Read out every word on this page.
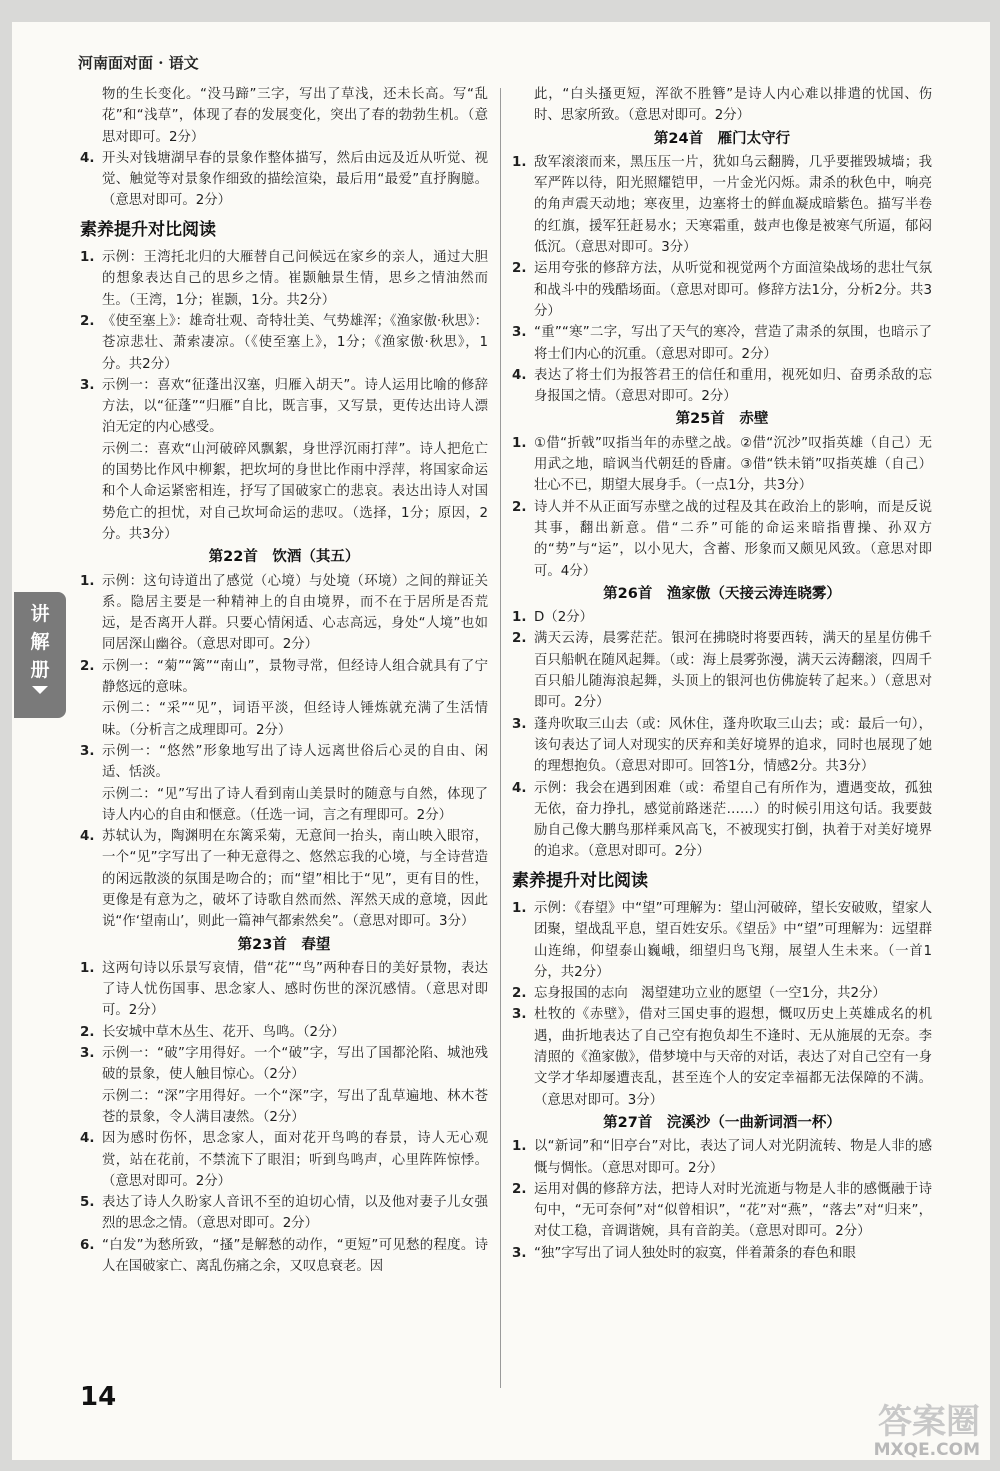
河南面对面 · 语文
讲
解
册

物的生长变化。“没马蹄”三字，写出了草浅，还未长高。写“乱花”和“浅草”，体现了春的发展变化，突出了春的勃勃生机。（意思对即可。2分）

4. 开头对钱塘湖早春的景象作整体描写，然后由远及近从听觉、视觉、触觉等对景象作细致的描绘渲染，最后用“最爱”直抒胸臆。（意思对即可。2分）
素养提升对比阅读
1. 示例：王湾托北归的大雁替自己问候远在家乡的亲人，通过大胆的想象表达自己的思乡之情。崔颢触景生情，思乡之情油然而生。（王湾，1分；崔颢，1分。共2分）
2. 《使至塞上》：雄奇壮观、奇特壮美、气势雄浑；《渔家傲·秋思》：苍凉悲壮、萧索凄凉。（《使至塞上》，1分；《渔家傲·秋思》，1分。共2分）
3. 示例一：喜欢“征蓬出汉塞，归雁入胡天”。诗人运用比喻的修辞方法，以“征蓬”“归雁”自比，既言事，又写景，更传达出诗人漂泊无定的内心感受。

示例二：喜欢“山河破碎风飘絮，身世浮沉雨打萍”。诗人把危亡的国势比作风中柳絮，把坎坷的身世比作雨中浮萍，将国家命运和个人命运紧密相连，抒写了国破家亡的悲哀。表达出诗人对国势危亡的担忧，对自己坎坷命运的悲叹。（选择，1分；原因，2分。共3分）

第22首　饮酒（其五）
1. 示例：这句诗道出了感觉（心境）与处境（环境）之间的辩证关系。隐居主要是一种精神上的自由境界，而不在于居所是否荒远，是否离开人群。只要心情闲适、心志高远，身处“人境”也如同居深山幽谷。（意思对即可。2分）
2. 示例一：“菊”“篱”“南山”，景物寻常，但经诗人组合就具有了宁静悠远的意味。

示例二：“采”“见”，词语平淡，但经诗人锤炼就充满了生活情味。（分析言之成理即可。2分）

3. 示例一：“悠然”形象地写出了诗人远离世俗后心灵的自由、闲适、恬淡。

示例二：“见”写出了诗人看到南山美景时的随意与自然，体现了诗人内心的自由和惬意。（任选一词，言之有理即可。2分）

4. 苏轼认为，陶渊明在东篱采菊，无意间一抬头，南山映入眼帘，一个“见”字写出了一种无意得之、悠然忘我的心境，与全诗营造的闲远散淡的氛围是吻合的；而“望”相比于“见”，更有目的性，更像是有意为之，破坏了诗歌自然而然、浑然天成的意境，因此说“作‘望南山’，则此一篇神气都索然矣”。（意思对即可。3分）
第23首　春望
1. 这两句诗以乐景写哀情，借“花”“鸟”两种春日的美好景物，表达了诗人忧伤国事、思念家人、感时伤世的深沉感情。（意思对即可。2分）
2. 长安城中草木丛生、花开、鸟鸣。（2分）
3. 示例一：“破”字用得好。一个“破”字，写出了国都沦陷、城池残破的景象，使人触目惊心。（2分）

示例二：“深”字用得好。一个“深”字，写出了乱草遍地、林木苍苍的景象，令人满目凄然。（2分）

4. 因为感时伤怀，思念家人，面对花开鸟鸣的春景，诗人无心观赏，站在花前，不禁流下了眼泪；听到鸟鸣声，心里阵阵惊悸。（意思对即可。2分）
5. 表达了诗人久盼家人音讯不至的迫切心情，以及他对妻子儿女强烈的思念之情。（意思对即可。2分）
6. “白发”为愁所致，“搔”是解愁的动作，“更短”可见愁的程度。诗人在国破家亡、离乱伤痛之余，又叹息衰老。因

此，“白头搔更短，浑欲不胜簪”是诗人内心难以排遣的忧国、伤时、思家所致。（意思对即可。2分）

第24首　雁门太守行
1. 敌军滚滚而来，黑压压一片，犹如乌云翻腾，几乎要摧毁城墙；我军严阵以待，阳光照耀铠甲，一片金光闪烁。肃杀的秋色中，响亮的角声震天动地；寒夜里，边塞将士的鲜血凝成暗紫色。描写半卷的红旗，援军狂赶易水；天寒霜重，鼓声也像是被寒气所逼，郁闷低沉。（意思对即可。3分）
2. 运用夸张的修辞方法，从听觉和视觉两个方面渲染战场的悲壮气氛和战斗中的残酷场面。（意思对即可。修辞方法1分，分析2分。共3分）
3. “重”“寒”二字，写出了天气的寒冷，营造了肃杀的氛围，也暗示了将士们内心的沉重。（意思对即可。2分）
4. 表达了将士们为报答君王的信任和重用，视死如归、奋勇杀敌的忘身报国之情。（意思对即可。2分）
第25首　赤壁
1. ①借“折戟”叹指当年的赤壁之战。②借“沉沙”叹指英雄（自己）无用武之地，暗讽当代朝廷的昏庸。③借“铁未销”叹指英雄（自己）壮心不已，期望大展身手。（一点1分，共3分）
2. 诗人并不从正面写赤壁之战的过程及其在政治上的影响，而是反说其事，翻出新意。借“二乔”可能的命运来暗指曹操、孙双方的“势”与“运”，以小见大，含蓄、形象而又颇见风致。（意思对即可。4分）
第26首　渔家傲（天接云涛连晓雾）
1. D（2分）
2. 满天云涛，晨雾茫茫。银河在拂晓时将要西转，满天的星星仿佛千百只船帆在随风起舞。（或：海上晨雾弥漫，满天云涛翻滚，四周千百只船儿随海浪起舞，头顶上的银河也仿佛旋转了起来。）（意思对即可。2分）
3. 蓬舟吹取三山去（或：风休住，蓬舟吹取三山去；或：最后一句），该句表达了词人对现实的厌弃和美好境界的追求，同时也展现了她的理想抱负。（意思对即可。回答1分，情感2分。共3分）
4. 示例：我会在遇到困难（或：希望自己有所作为，遭遇变故，孤独无依，奋力挣扎，感觉前路迷茫……）的时候引用这句话。我要鼓励自己像大鹏鸟那样乘风高飞，不被现实打倒，执着于对美好境界的追求。（意思对即可。2分）
素养提升对比阅读
1. 示例：《春望》中“望”可理解为：望山河破碎，望长安破败，望家人团聚，望战乱平息，望百姓安乐。《望岳》中“望”可理解为：远望群山连绵，仰望泰山巍峨，细望归鸟飞翔，展望人生未来。（一首1分，共2分）
2. 忘身报国的志向　渴望建功立业的愿望（一空1分，共2分）
3. 杜牧的《赤壁》，借对三国史事的遐想，慨叹历史上英雄成名的机遇，曲折地表达了自己空有抱负却生不逢时、无从施展的无奈。李清照的《渔家傲》，借梦境中与天帝的对话，表达了对自己空有一身文学才华却屡遭丧乱，甚至连个人的安定幸福都无法保障的不满。（意思对即可。3分）
第27首　浣溪沙（一曲新词酒一杯）
1. 以“新词”和“旧亭台”对比，表达了词人对光阴流转、物是人非的感慨与惆怅。（意思对即可。2分）
2. 运用对偶的修辞方法，把诗人对时光流逝与物是人非的感慨融于诗句中，“无可奈何”对“似曾相识”，“花”对“燕”，“落去”对“归来”，对仗工稳，音调谐婉，具有音韵美。（意思对即可。2分）
3. “独”字写出了词人独处时的寂寞，伴着萧条的春色和眼
14
答案圈
MXQE.COM
